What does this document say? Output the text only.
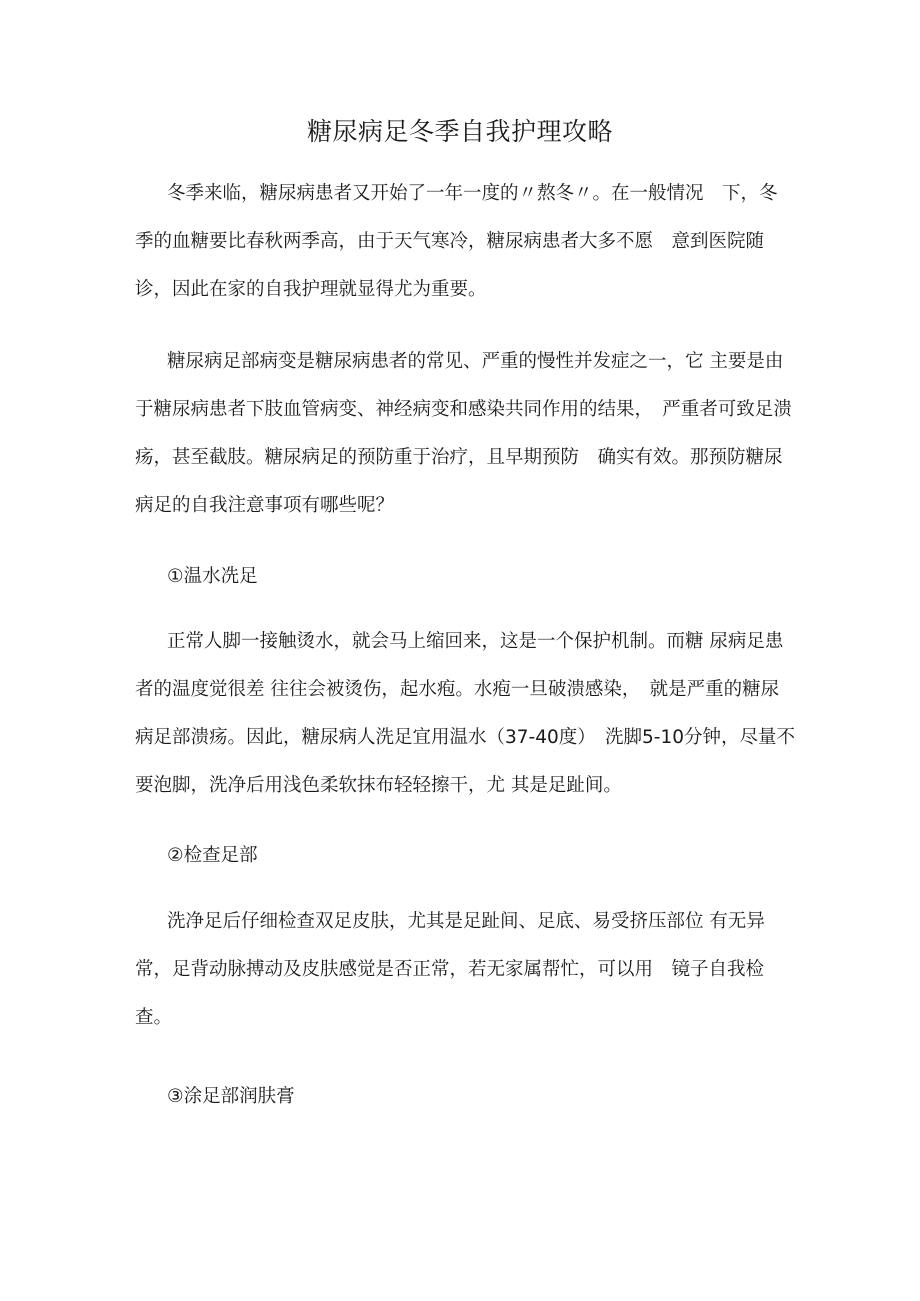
糖尿病足冬季自我护理攻略

冬季来临，糖尿病患者又开始了一年一度的〃熬冬〃。在一般情况　下，冬季的血糖要比春秋两季高，由于天气寒冷，糖尿病患者大多不愿　意到医院随诊，因此在家的自我护理就显得尤为重要。

糖尿病足部病变是糖尿病患者的常见、严重的慢性并发症之一，它 主要是由于糖尿病患者下肢血管病变、神经病变和感染共同作用的结果，　严重者可致足溃疡，甚至截肢。糖尿病足的预防重于治疗，且早期预防　确实有效。那预防糖尿病足的自我注意事项有哪些呢？

①温水冼足

正常人脚一接触烫水，就会马上缩回来，这是一个保护机制。而糖 尿病足患者的温度觉很差 往往会被烫伤，起水疱。水疱一旦破溃感染，　就是严重的糖尿病足部溃疡。因此，糖尿病人洗足宜用温水（37-40度）　洗脚5-10分钟，尽量不要泡脚，洗净后用浅色柔软抹布轻轻擦干，尤 其是足趾间。

②检查足部

洗净足后仔细检查双足皮肤，尤其是足趾间、足底、易受挤压部位 有无异常，足背动脉搏动及皮肤感觉是否正常，若无家属帮忙，可以用　镜子自我检查。

③涂足部润肤膏
